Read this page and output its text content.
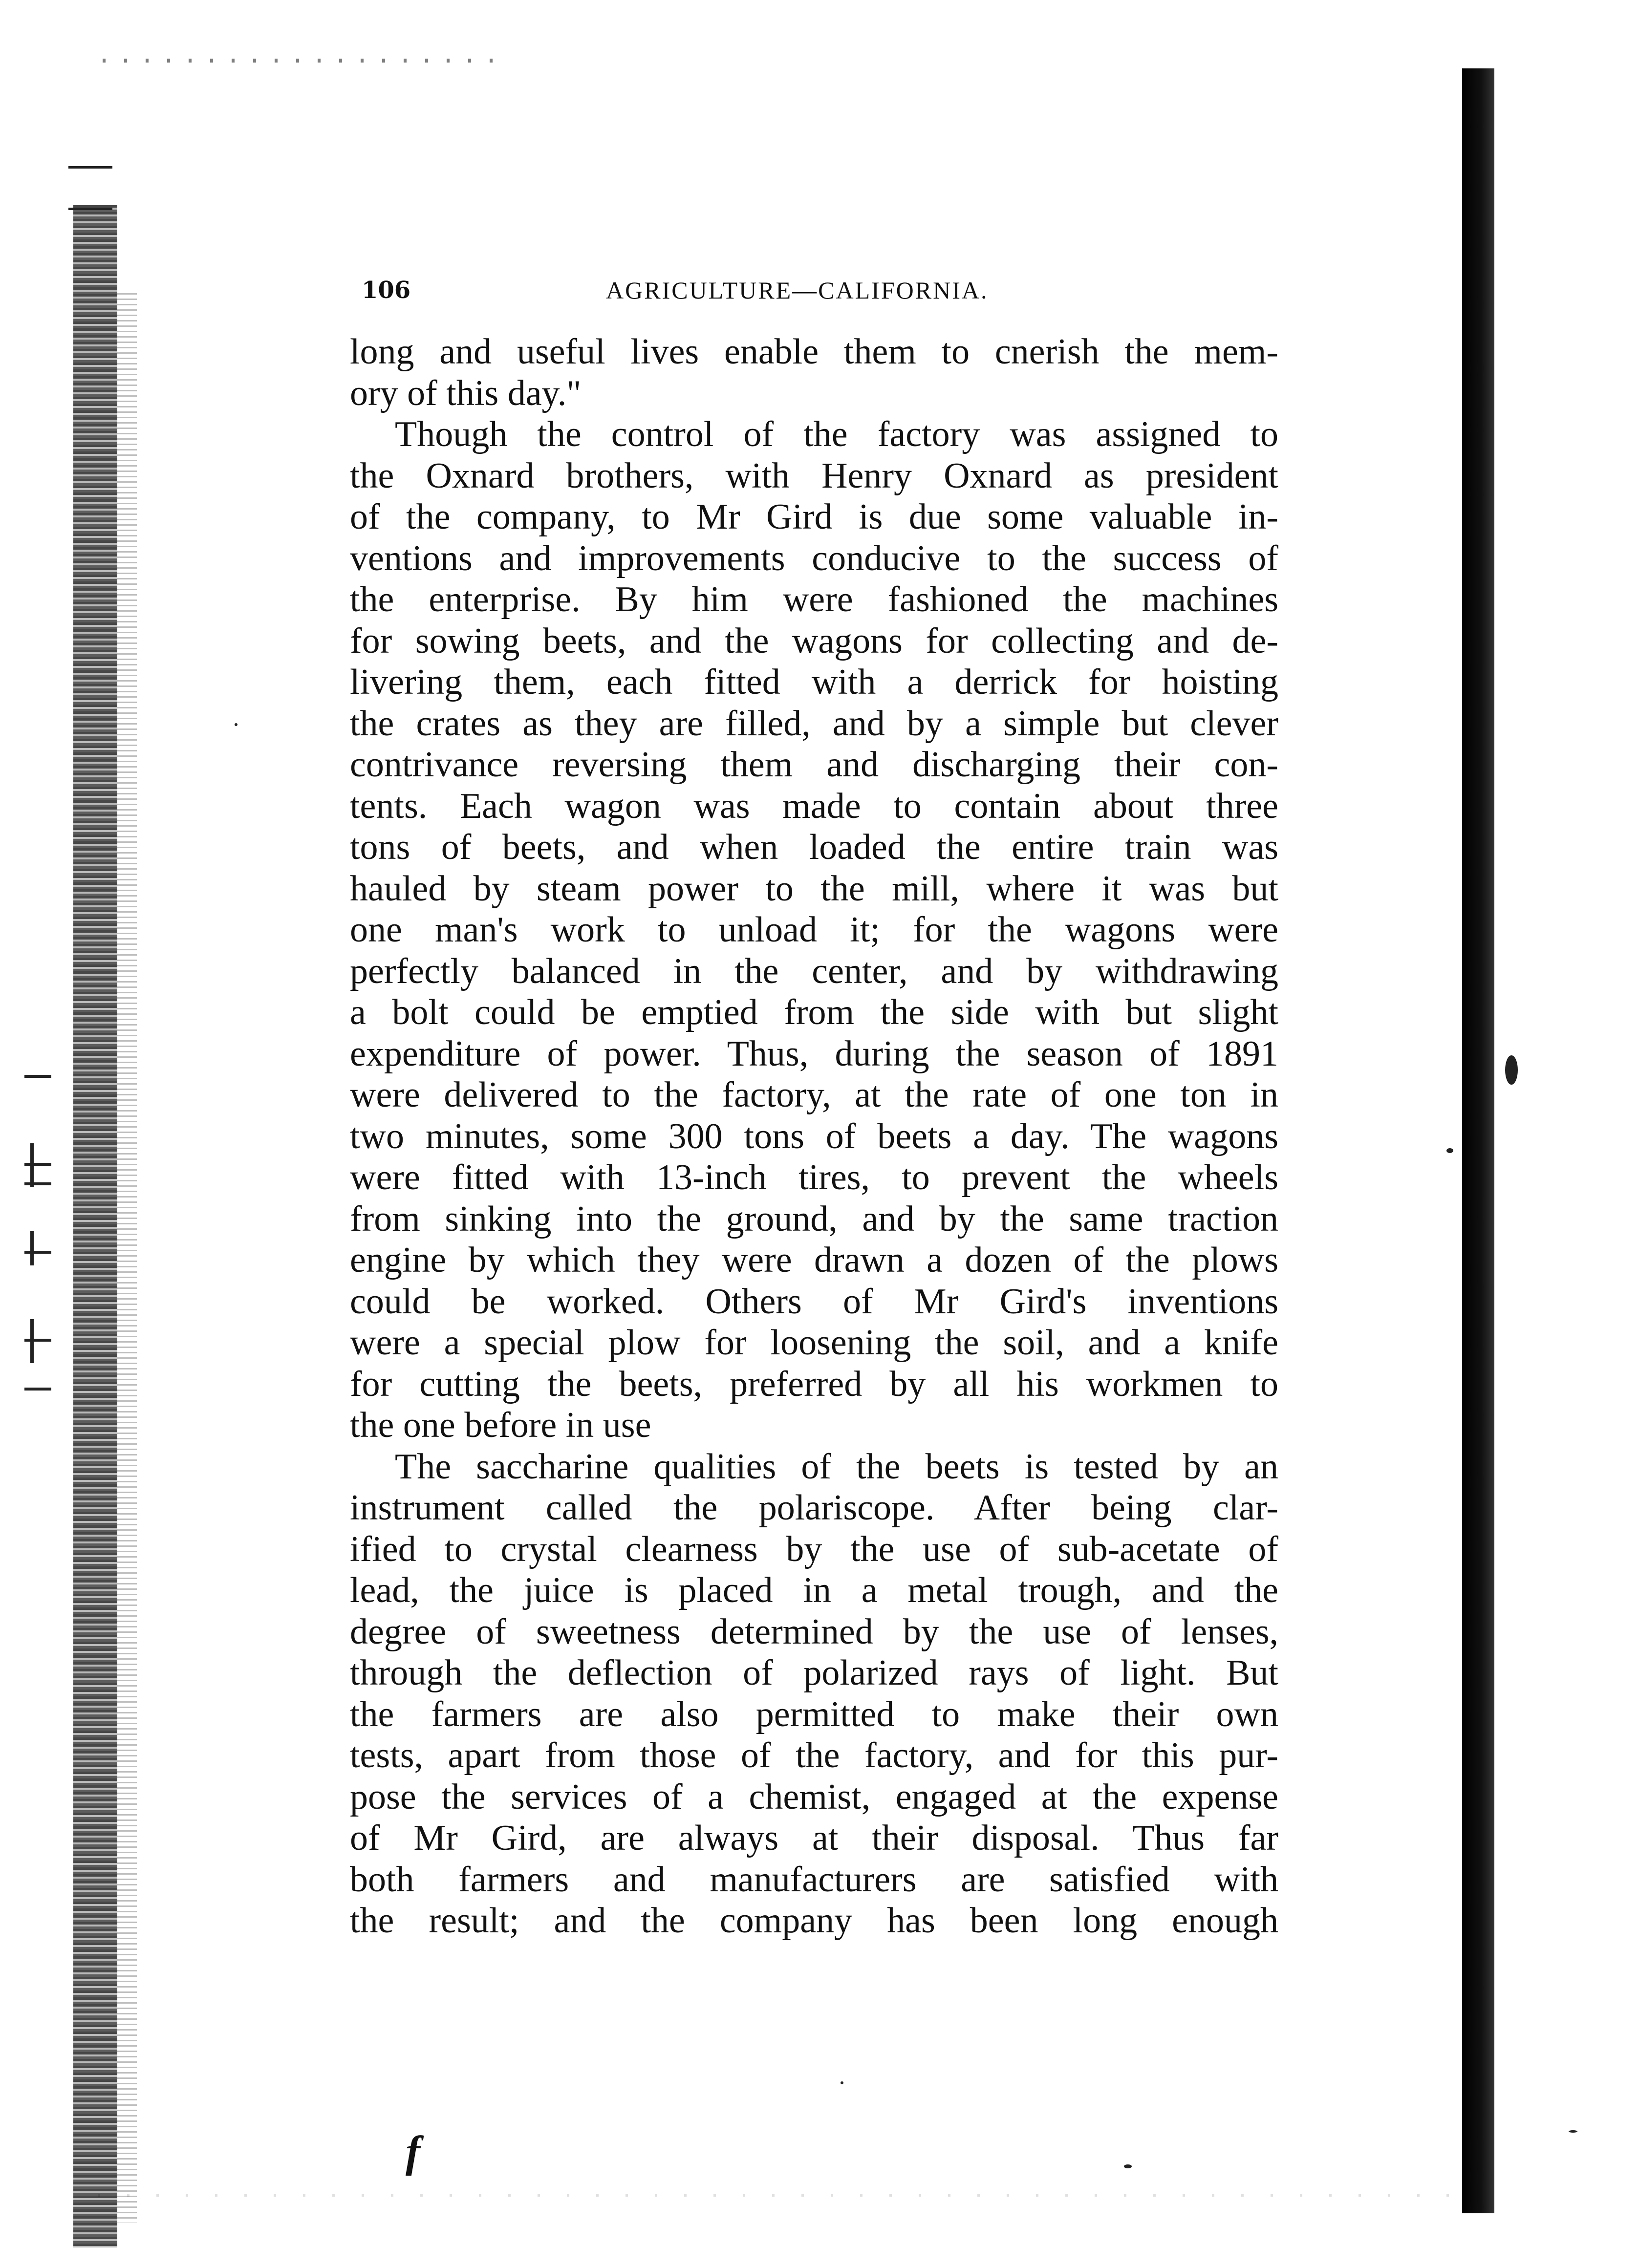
106	AGRICULTURE—CALIFORNIA.
long and useful lives enable them to cnerish the mem-
ory of this day."
Though the control of the factory was assigned to
the Oxnard brothers, with Henry Oxnard as president
of the company, to Mr Gird is due some valuable in-
ventions and improvements conducive to the success of
the enterprise. By him were fashioned the machines
for sowing beets, and the wagons for collecting and de-
livering them, each fitted with a derrick for hoisting
the crates as they are filled, and by a simple but clever
contrivance reversing them and discharging their con-
tents. Each wagon was made to contain about three
tons of beets, and when loaded the entire train was
hauled by steam power to the mill, where it was but
one man's work to unload it; for the wagons were
perfectly balanced in the center, and by withdrawing
a bolt could be emptied from the side with but slight
expenditure of power. Thus, during the season of 1891
were delivered to the factory, at the rate of one ton in
two minutes, some 300 tons of beets a day. The wagons
were fitted with 13-inch tires, to prevent the wheels
from sinking into the ground, and by the same traction
engine by which they were drawn a dozen of the plows
could be worked. Others of Mr Gird's inventions
were a special plow for loosening the soil, and a knife
for cutting the beets, preferred by all his workmen to
the one before in use
The saccharine qualities of the beets is tested by an
instrument called the polariscope. After being clar-
ified to crystal clearness by the use of sub-acetate of
lead, the juice is placed in a metal trough, and the
degree of sweetness determined by the use of lenses,
through the deflection of polarized rays of light. But
the farmers are also permitted to make their own
tests, apart from those of the factory, and for this pur-
pose the services of a chemist, engaged at the expense
of Mr Gird, are always at their disposal. Thus far
both farmers and manufacturers are satisfied with
the result; and the company has been long enough
f
